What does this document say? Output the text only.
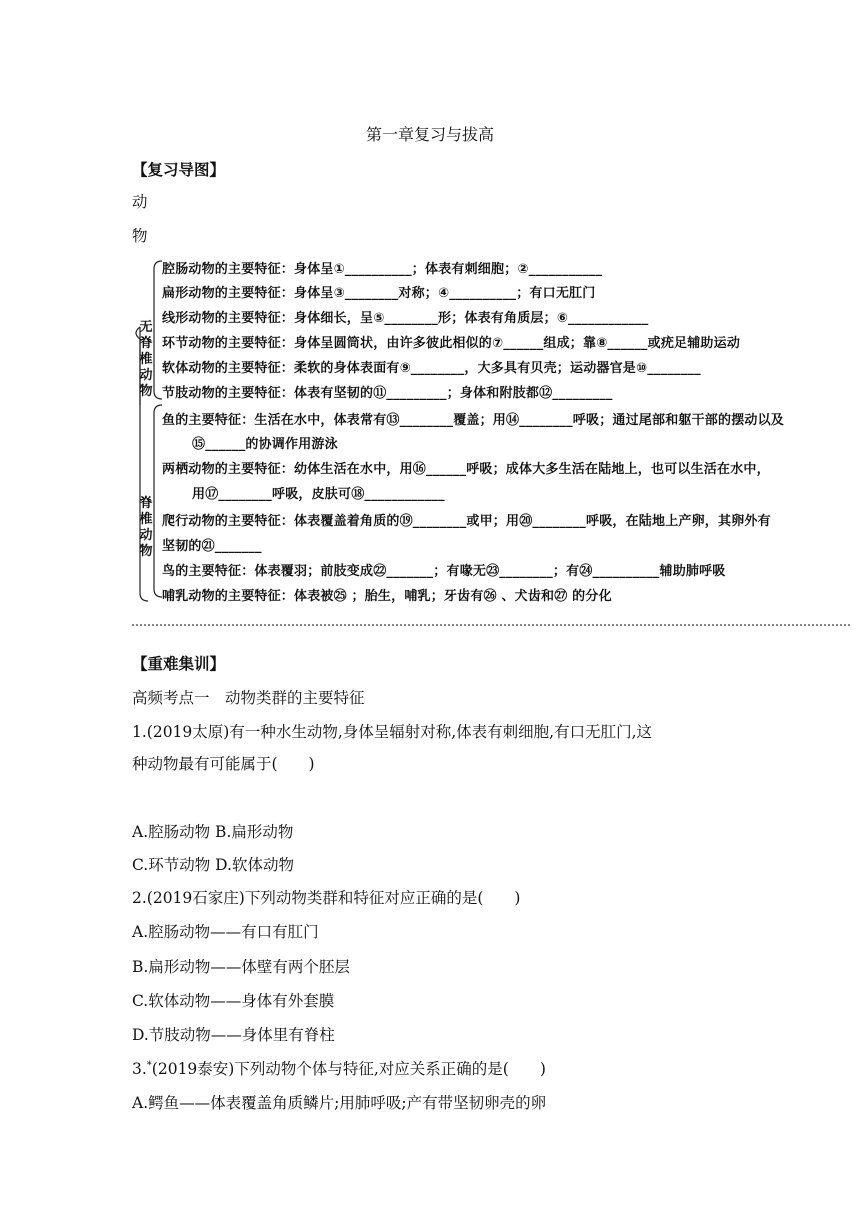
第一章复习与拔高
【复习导图】
动
物
无脊椎动物
脊椎动物
腔肠动物的主要特征：身体呈①__________；体表有刺细胞；②___________
扁形动物的主要特征：身体呈③________对称；④__________；有口无肛门
线形动物的主要特征：身体细长，呈⑤________形；体表有角质层；⑥____________
环节动物的主要特征：身体呈圆筒状，由许多彼此相似的⑦______组成；靠⑧______或疣足辅助运动
软体动物的主要特征：柔软的身体表面有⑨________，大多具有贝壳；运动器官是⑩________
节肢动物的主要特征：体表有坚韧的⑪_________；身体和附肢都⑫_________
鱼的主要特征：生活在水中，体表常有⑬________覆盖；用⑭________呼吸；通过尾部和躯干部的摆动以及
⑮______的协调作用游泳
两栖动物的主要特征：幼体生活在水中，用⑯______呼吸；成体大多生活在陆地上，也可以生活在水中，
用⑰________呼吸，皮肤可⑱____________
爬行动物的主要特征：体表覆盖着角质的⑲________或甲；用⑳________呼吸，在陆地上产卵，其卵外有
坚韧的㉑_______
鸟的主要特征：体表覆羽；前肢变成㉒_______；有喙无㉓________；有㉔__________辅助肺呼吸
哺乳动物的主要特征：体表被㉕ ；胎生，哺乳；牙齿有㉖ 、犬齿和㉗ 的分化
【重难集训】
高频考点一　动物类群的主要特征
1.(2019太原)有一种水生动物,身体呈辐射对称,体表有刺细胞,有口无肛门,这
种动物最有可能属于(　　)
A.腔肠动物 B.扁形动物
C.环节动物 D.软体动物
2.(2019石家庄)下列动物类群和特征对应正确的是(　　)
A.腔肠动物——有口有肛门
B.扁形动物——体壁有两个胚层
C.软体动物——身体有外套膜
D.节肢动物——身体里有脊柱
3.*(2019泰安)下列动物个体与特征,对应关系正确的是(　　)
A.鳄鱼——体表覆盖角质鳞片;用肺呼吸;产有带坚韧卵壳的卵
